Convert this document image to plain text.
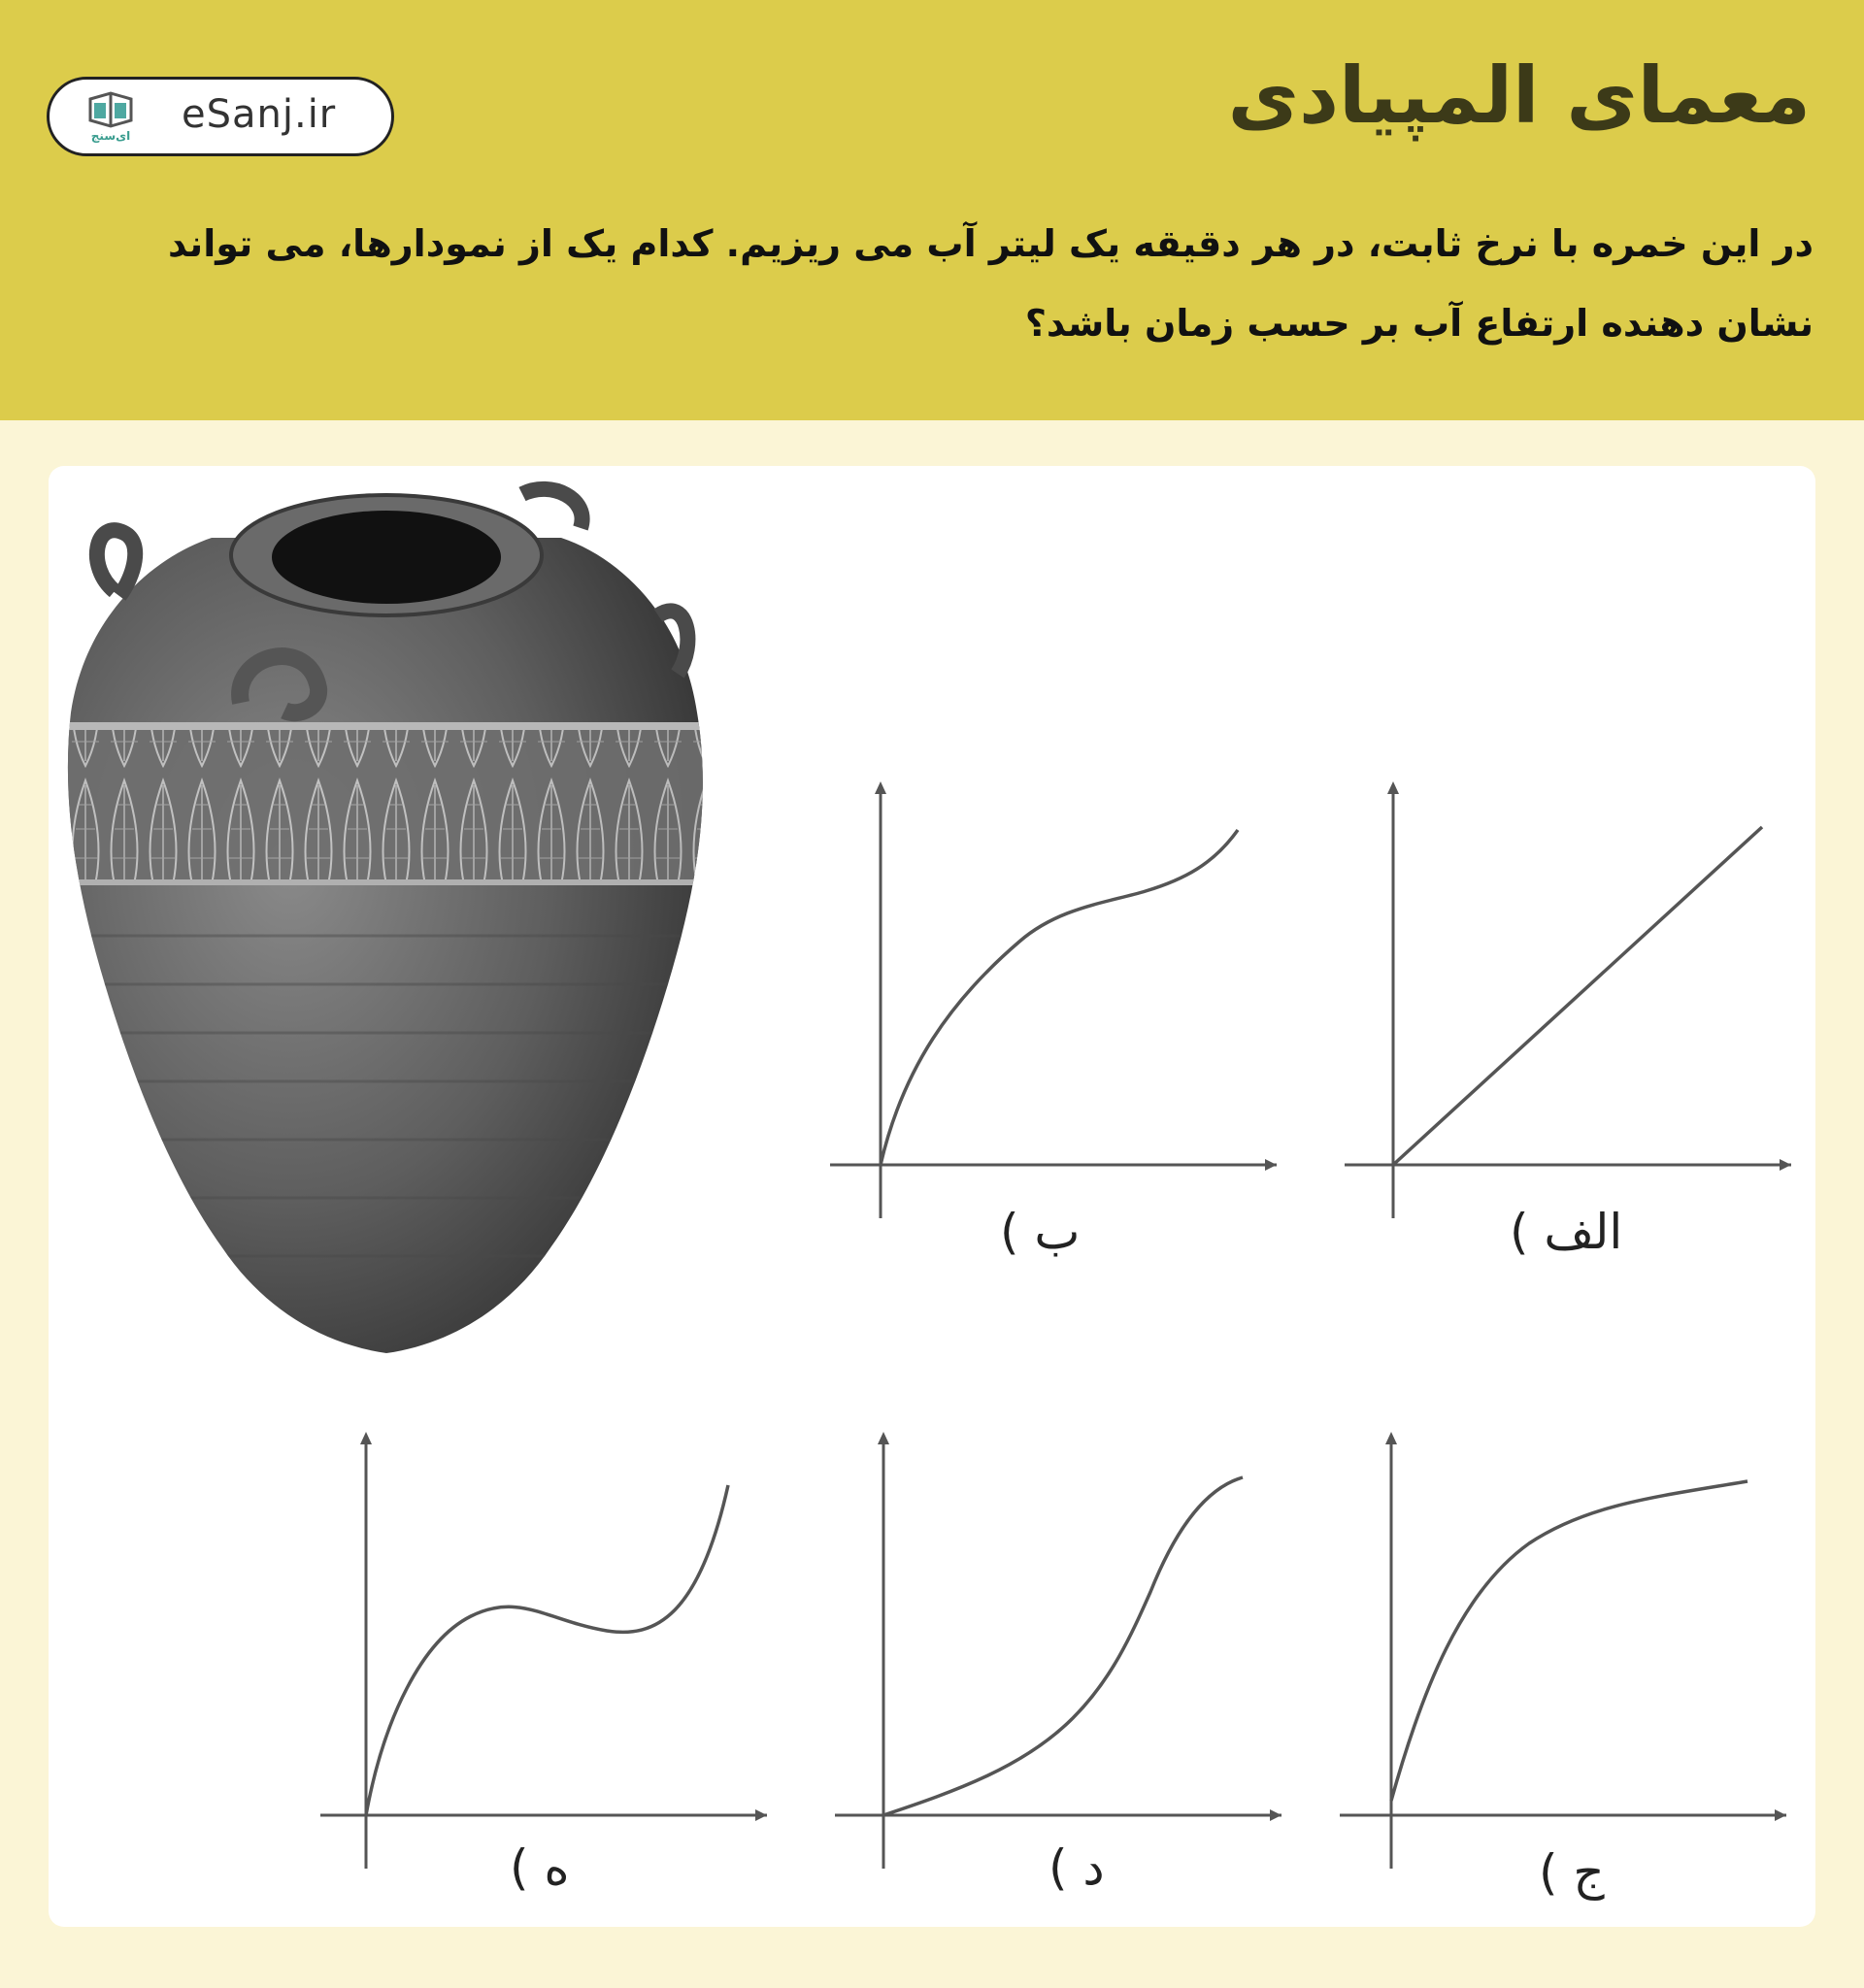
معمای المپیادی
ای‌سنج eSanj.ir
در این خمره با نرخ ثابت، در هر دقیقه یک لیتر آب می ریزیم. کدام یک از نمودارها، می تواند
نشان دهنده ارتفاع آب بر حسب زمان باشد؟
الف )
ب )
ج )
د )
ه )
